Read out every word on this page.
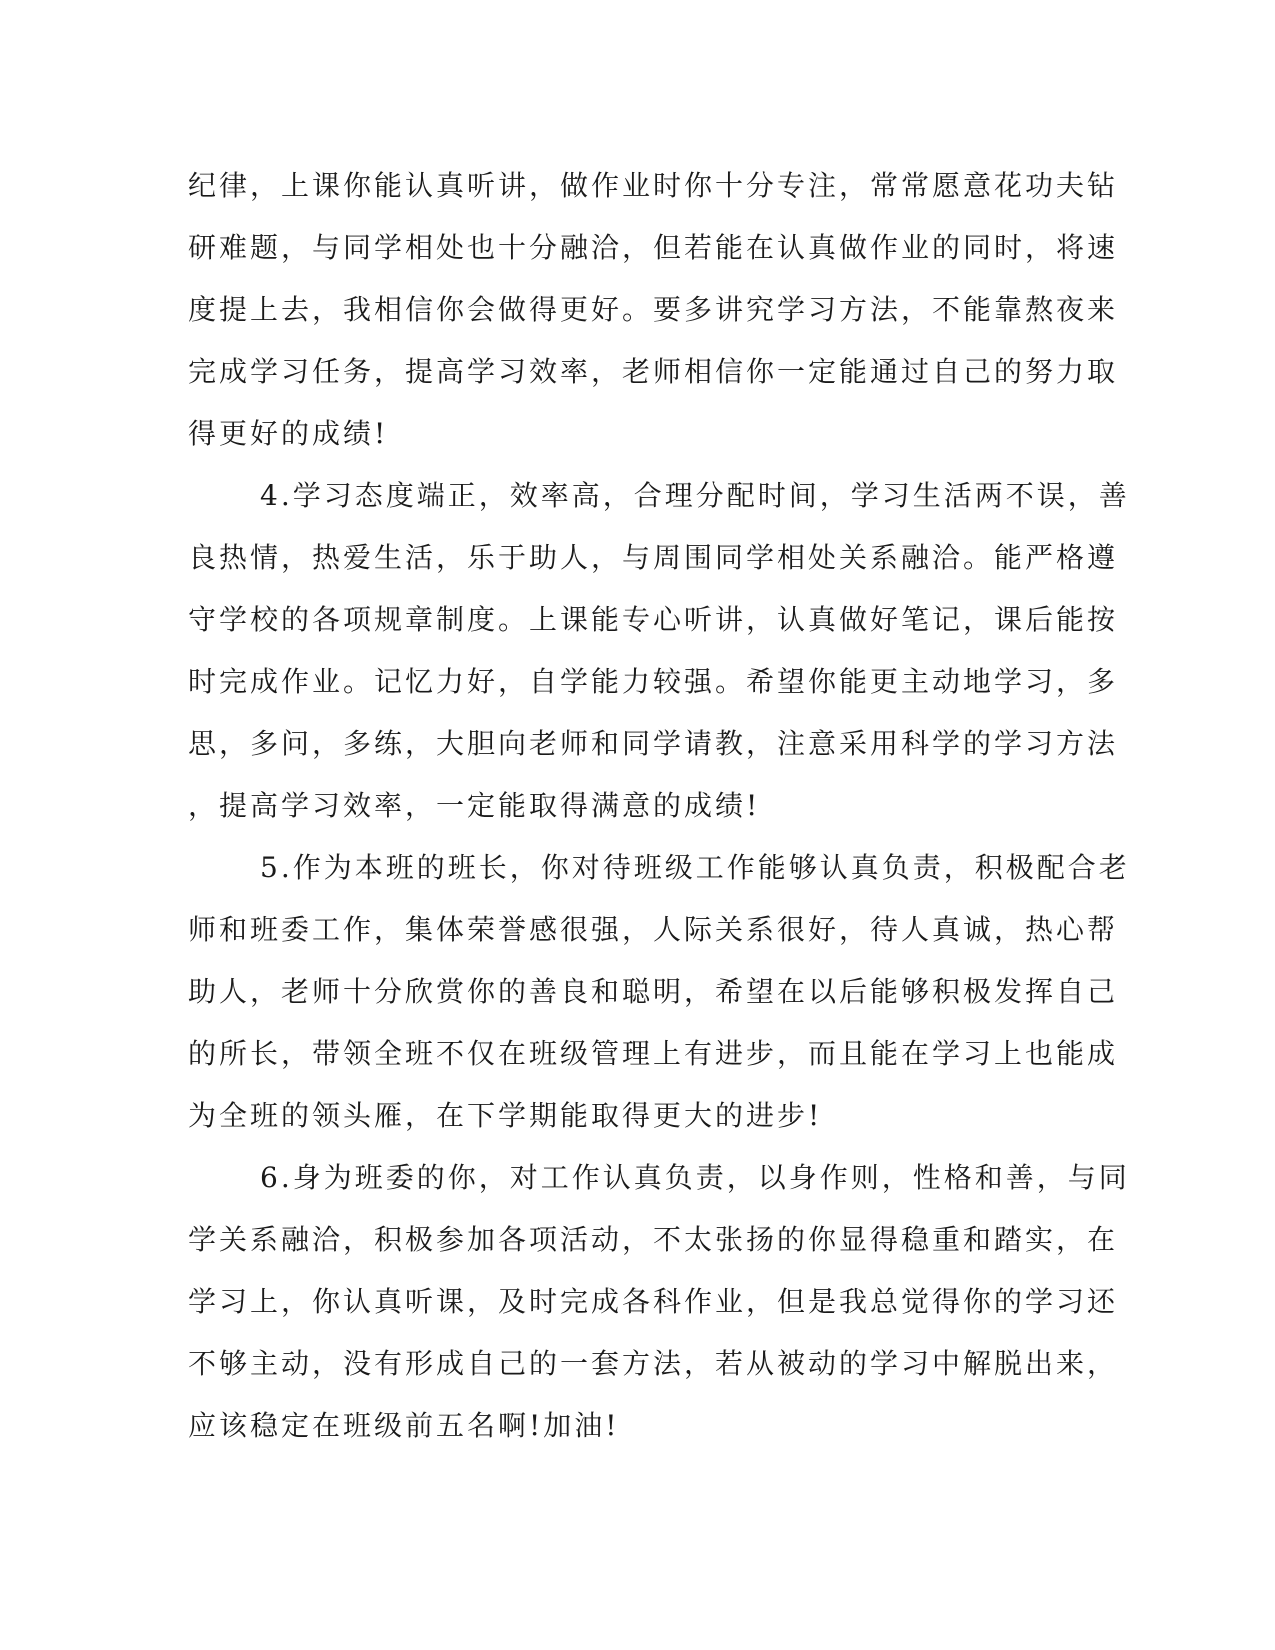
纪律，上课你能认真听讲，做作业时你十分专注，常常愿意花功夫钻
研难题，与同学相处也十分融洽，但若能在认真做作业的同时，将速
度提上去，我相信你会做得更好。要多讲究学习方法，不能靠熬夜来
完成学习任务，提高学习效率，老师相信你一定能通过自己的努力取
得更好的成绩!

4.学习态度端正，效率高，合理分配时间，学习生活两不误，善
良热情，热爱生活，乐于助人，与周围同学相处关系融洽。能严格遵
守学校的各项规章制度。上课能专心听讲，认真做好笔记，课后能按
时完成作业。记忆力好，自学能力较强。希望你能更主动地学习，多
思，多问，多练，大胆向老师和同学请教，注意采用科学的学习方法
，提高学习效率，一定能取得满意的成绩!

5.作为本班的班长，你对待班级工作能够认真负责，积极配合老
师和班委工作，集体荣誉感很强，人际关系很好，待人真诚，热心帮
助人，老师十分欣赏你的善良和聪明，希望在以后能够积极发挥自己
的所长，带领全班不仅在班级管理上有进步，而且能在学习上也能成
为全班的领头雁，在下学期能取得更大的进步!

6.身为班委的你，对工作认真负责，以身作则，性格和善，与同
学关系融洽，积极参加各项活动，不太张扬的你显得稳重和踏实，在
学习上，你认真听课，及时完成各科作业，但是我总觉得你的学习还
不够主动，没有形成自己的一套方法，若从被动的学习中解脱出来，
应该稳定在班级前五名啊!加油!
